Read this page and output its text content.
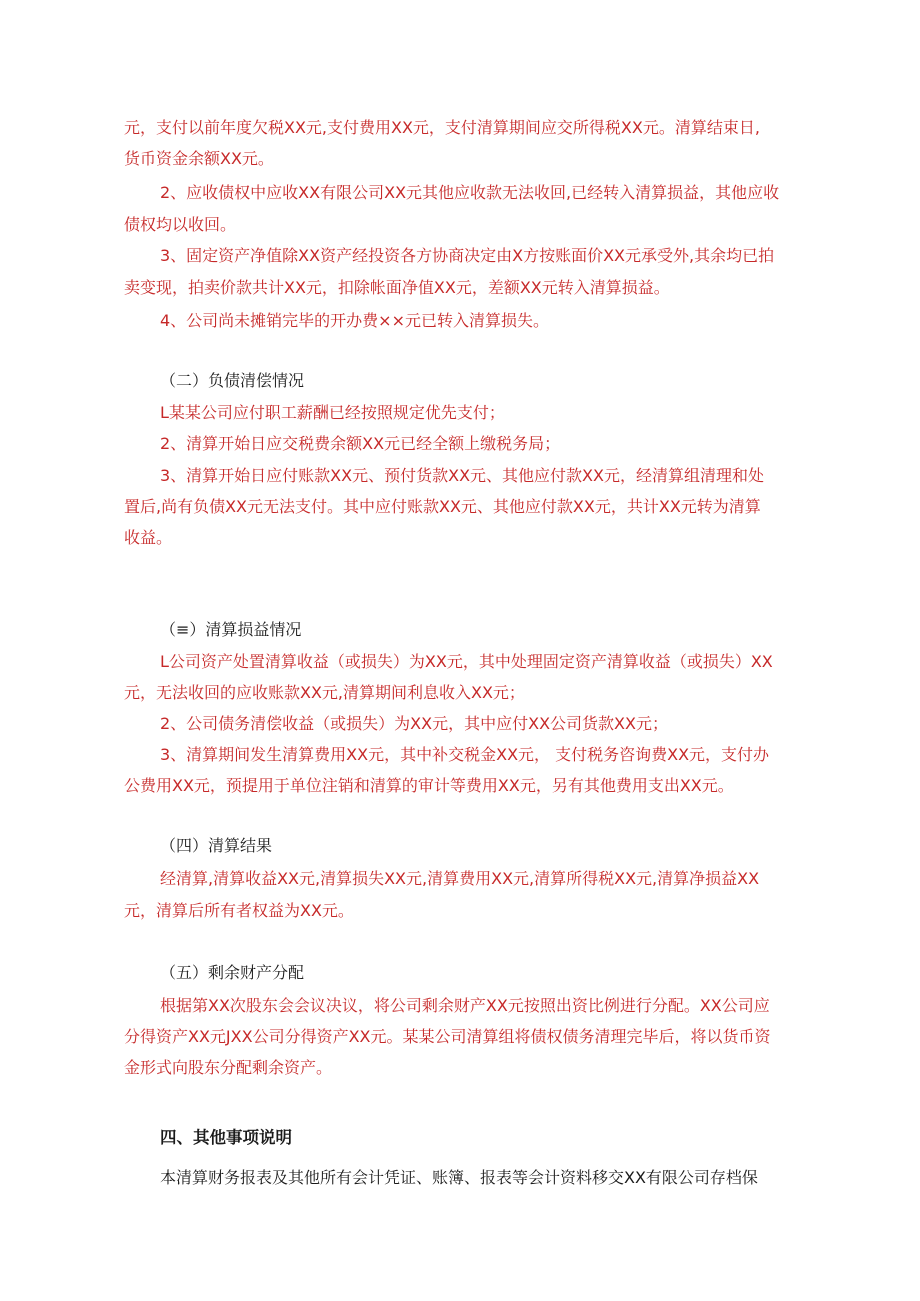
元，支付以前年度欠税XX元,支付费用XX元，支付清算期间应交所得税XX元。清算结束日,
货币资金余额XX元。
2、应收债权中应收XX有限公司XX元其他应收款无法收回,已经转入清算损益，其他应收
债权均以收回。
3、固定资产净值除XX资产经投资各方协商决定由X方按账面价XX元承受外,其余均已拍
卖变现，拍卖价款共计XX元，扣除帐面净值XX元，差额XX元转入清算损益。
4、公司尚未摊销完毕的开办费××元已转入清算损失。
（二）负债清偿情况
L某某公司应付职工薪酬已经按照规定优先支付；
2、清算开始日应交税费余额XX元已经全额上缴税务局；
3、清算开始日应付账款XX元、预付货款XX元、其他应付款XX元，经清算组清理和处
置后,尚有负债XX元无法支付。其中应付账款XX元、其他应付款XX元，共计XX元转为清算
收益。
（≡）清算损益情况
L公司资产处置清算收益（或损失）为XX元，其中处理固定资产清算收益（或损失）XX
元，无法收回的应收账款XX元,清算期间利息收入XX元；
2、公司债务清偿收益（或损失）为XX元，其中应付XX公司货款XX元；
3、清算期间发生清算费用XX元，其中补交税金XX元， 支付税务咨询费XX元，支付办
公费用XX元，预提用于单位注销和清算的审计等费用XX元，另有其他费用支出XX元。
（四）清算结果
经清算,清算收益XX元,清算损失XX元,清算费用XX元,清算所得税XX元,清算净损益XX
元，清算后所有者权益为XX元。
（五）剩余财产分配
根据第XX次股东会会议决议，将公司剩余财产XX元按照出资比例进行分配。XX公司应
分得资产XX元JXX公司分得资产XX元。某某公司清算组将债权债务清理完毕后，将以货币资
金形式向股东分配剩余资产。
四、其他事项说明
本清算财务报表及其他所有会计凭证、账簿、报表等会计资料移交XX有限公司存档保
